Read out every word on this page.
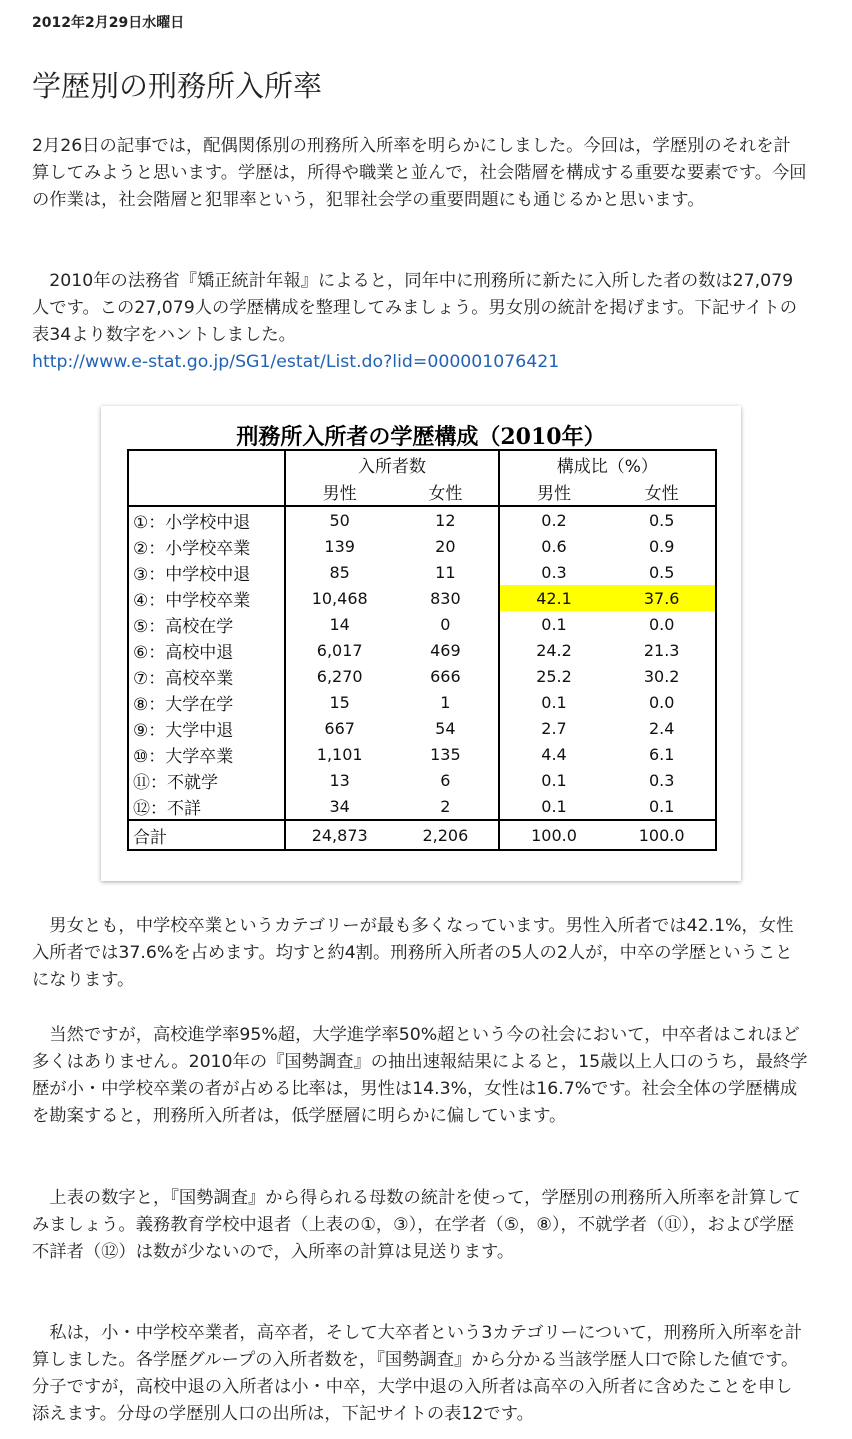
2012年2月29日水曜日
学歴別の刑務所入所率

2月26日の記事では，配偶関係別の刑務所入所率を明らかにしました。今回は，学歴別のそれを計算してみようと思います。学歴は，所得や職業と並んで，社会階層を構成する重要な要素です。今回の作業は，社会階層と犯罪率という，犯罪社会学の重要問題にも通じるかと思います。

　2010年の法務省『矯正統計年報』によると，同年中に刑務所に新たに入所した者の数は27,079人です。この27,079人の学歴構成を整理してみましょう。男女別の統計を掲げます。下記サイトの表34より数字をハントしました。

http://www.e-stat.go.jp/SG1/estat/List.do?lid=000001076421

刑務所入所者の学歴構成（2010年）
	入所者数		構成比（%）	
	男性	女性	男性	女性
①：小学校中退	50	12	0.2	0.5
②：小学校卒業	139	20	0.6	0.9
③：中学校中退	85	11	0.3	0.5
④：中学校卒業	10,468	830	42.1	37.6
⑤：高校在学	14	0	0.1	0.0
⑥：高校中退	6,017	469	24.2	21.3
⑦：高校卒業	6,270	666	25.2	30.2
⑧：大学在学	15	1	0.1	0.0
⑨：大学中退	667	54	2.7	2.4
⑩：大学卒業	1,101	135	4.4	6.1
⑪：不就学	13	6	0.1	0.3
⑫：不詳	34	2	0.1	0.1
合計	24,873	2,206	100.0	100.0

　男女とも，中学校卒業というカテゴリーが最も多くなっています。男性入所者では42.1%，女性入所者では37.6%を占めます。均すと約4割。刑務所入所者の5人の2人が，中卒の学歴ということになります。

　当然ですが，高校進学率95%超，大学進学率50%超という今の社会において，中卒者はこれほど多くはありません。2010年の『国勢調査』の抽出速報結果によると，15歳以上人口のうち，最終学歴が小・中学校卒業の者が占める比率は，男性は14.3%，女性は16.7%です。社会全体の学歴構成を勘案すると，刑務所入所者は，低学歴層に明らかに偏しています。

　上表の数字と，『国勢調査』から得られる母数の統計を使って，学歴別の刑務所入所率を計算してみましょう。義務教育学校中退者（上表の①，③），在学者（⑤，⑧），不就学者（⑪），および学歴不詳者（⑫）は数が少ないので，入所率の計算は見送ります。

　私は，小・中学校卒業者，高卒者，そして大卒者という3カテゴリーについて，刑務所入所率を計算しました。各学歴グループの入所者数を，『国勢調査』から分かる当該学歴人口で除した値です。分子ですが，高校中退の入所者は小・中卒，大学中退の入所者は高卒の入所者に含めたことを申し添えます。分母の学歴別人口の出所は，下記サイトの表12です。
